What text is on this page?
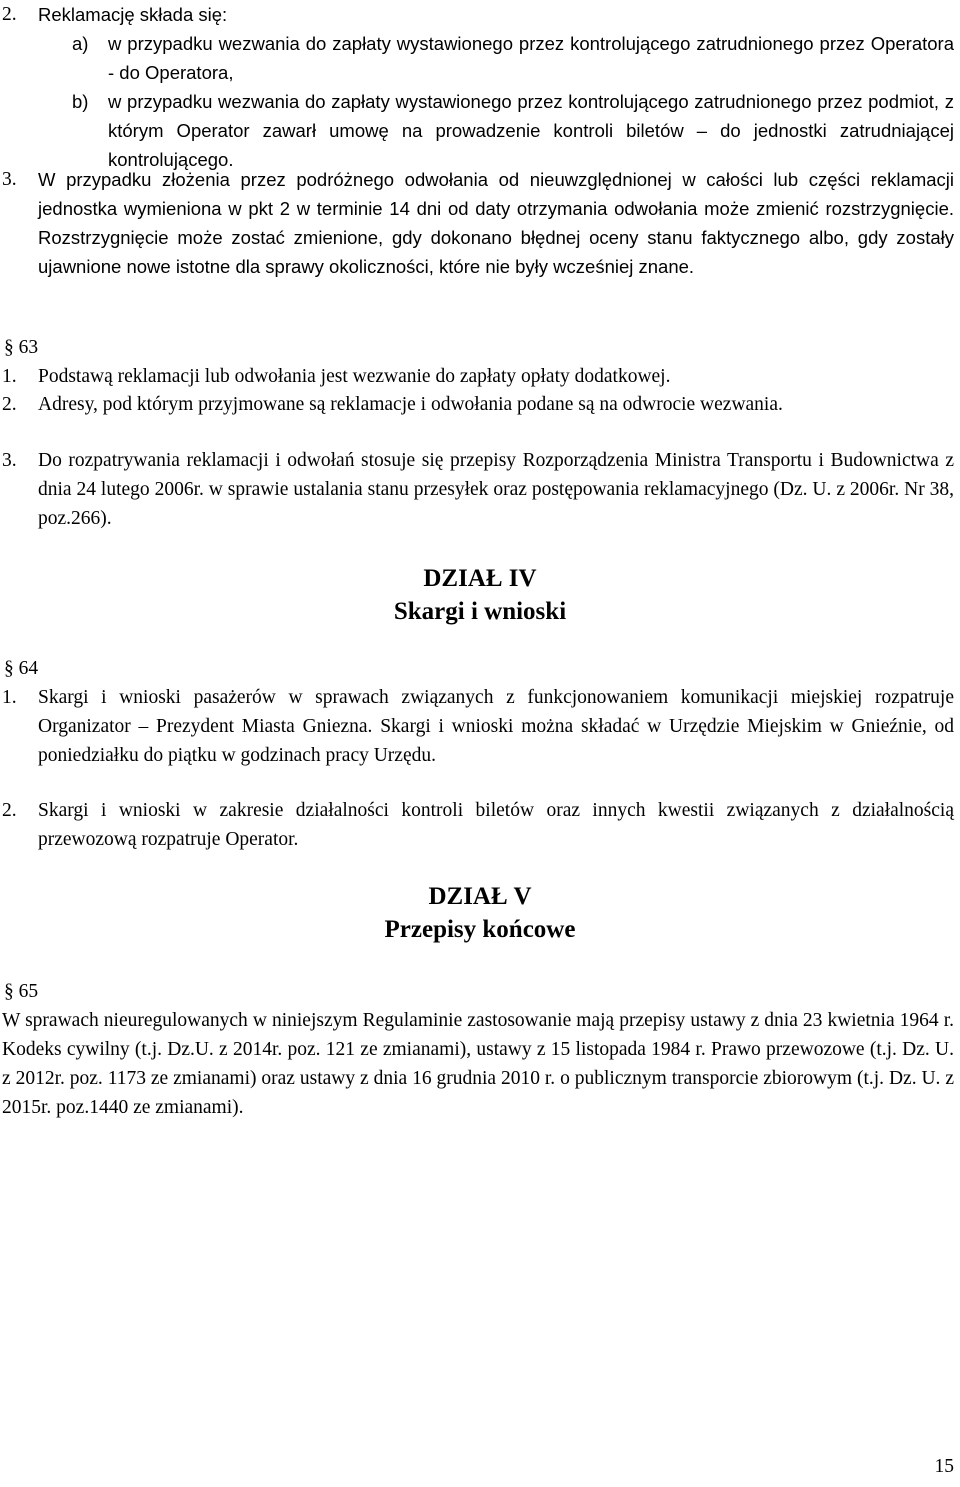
2. Reklamację składa się:
a) w przypadku wezwania do zapłaty wystawionego przez kontrolującego zatrudnionego przez Operatora - do Operatora,

b) w przypadku wezwania do zapłaty wystawionego przez kontrolującego zatrudnionego przez podmiot, z którym Operator zawarł umowę na prowadzenie kontroli biletów – do jednostki zatrudniającej kontrolującego.

3. W przypadku złożenia przez podróżnego odwołania od nieuwzględnionej w całości lub części reklamacji jednostka wymieniona w pkt 2 w terminie 14 dni od daty otrzymania odwołania może zmienić rozstrzygnięcie. Rozstrzygnięcie może zostać zmienione, gdy dokonano błędnej oceny stanu faktycznego albo, gdy zostały ujawnione nowe istotne dla sprawy okoliczności, które nie były wcześniej znane.

§ 63
1. Podstawą reklamacji lub odwołania jest wezwanie do zapłaty opłaty dodatkowej.

2. Adresy, pod którym przyjmowane są reklamacje i odwołania podane są na odwrocie wezwania.

3. Do rozpatrywania reklamacji i odwołań stosuje się przepisy Rozporządzenia Ministra Transportu i Budownictwa z dnia 24 lutego 2006r. w sprawie ustalania stanu przesyłek oraz postępowania reklamacyjnego (Dz. U. z 2006r. Nr 38, poz.266).

DZIAŁ IV
Skargi i wnioski
§ 64
1. Skargi i wnioski pasażerów w sprawach związanych z funkcjonowaniem komunikacji miejskiej rozpatruje Organizator – Prezydent Miasta Gniezna. Skargi i wnioski można składać w Urzędzie Miejskim w Gnieźnie, od poniedziałku do piątku w godzinach pracy Urzędu.

2. Skargi i wnioski w zakresie działalności kontroli biletów oraz innych kwestii związanych z działalnością przewozową rozpatruje Operator.

DZIAŁ V
Przepisy końcowe
§ 65

W sprawach nieuregulowanych w niniejszym Regulaminie zastosowanie mają przepisy ustawy z dnia 23 kwietnia 1964 r. Kodeks cywilny (t.j. Dz.U. z 2014r. poz. 121 ze zmianami), ustawy z 15 listopada 1984 r. Prawo przewozowe (t.j. Dz. U. z 2012r. poz. 1173 ze zmianami) oraz ustawy z dnia 16 grudnia 2010 r. o publicznym transporcie zbiorowym (t.j. Dz. U. z 2015r. poz.1440 ze zmianami).

15
